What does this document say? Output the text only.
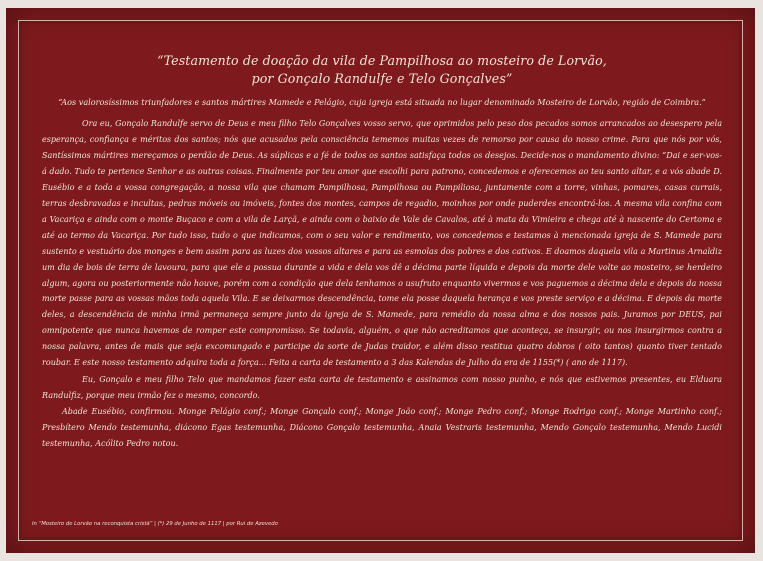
“Testamento de doação da vila de Pampilhosa ao mosteiro de Lorvão,

por Gonçalo Randulfe e Telo Gonçalves”

“Aos valorosíssimos triunfadores e santos mártires Mamede e Pelágio, cuja igreja está situada no lugar denominado Mosteiro de Lorvão, região de Coimbra.”

Ora eu, Gonçalo Randulfe servo de Deus e meu filho Telo Gonçalves vosso servo, que oprimidos pelo peso dos pecados somos arrancados ao desespero pela esperança, confiança e méritos dos santos; nós que acusados pela consciência tememos muitas vezes de remorso por causa do nosso crime. Para que nós por vós, Santíssimos mártires mereçamos o perdão de Deus. As súplicas e a fé de todos os santos satisfaça todos os desejos. Decide-nos o mandamento divino: “Dai e ser-vos-á dado. Tudo te pertence Senhor e as outras coisas. Finalmente por teu amor que escolhi para patrono, concedemos e oferecemos ao teu santo altar, e a vós abade D. Eusébio e a toda a vossa congregação, a nossa vila que chamam Pampilhosa, Pampilhosa ou Pampiliosa, juntamente com a torre, vinhas, pomares, casas currais, terras desbravadas e incultas, pedras móveis ou imóveis, fontes dos montes, campos de regadio, moinhos por onde puderdes encontrá-los. A mesma vila confina com a Vacariça e ainda com o monte Buçaco e com a vila de Larçã, e ainda com o baixio de Vale de Cavalos, até à mata da Vimieira e chega até à nascente do Certoma e até ao termo da Vacariça. Por tudo isso, tudo o que indicamos, com o seu valor e rendimento, vos concedemos e testamos à mencionada igreja de S. Mamede para sustento e vestuário dos monges e bem assim para as luzes dos vossos altares e para as esmolas dos pobres e dos cativos. E doamos daquela vila a Martinus Arnaldiz um dia de bois de terra de lavoura, para que ele a possua durante a vida e dela vos dê a décima parte líquida e depois da morte dele volte ao mosteiro, se herdeiro algum, agora ou posteriormente não houve, porém com a condição que dela tenhamos o usufruto enquanto vivermos e vos paguemos a décima dela e depois da nossa morte passe para as vossas mãos toda aquela Vila. E se deixarmos descendência, tome ela posse daquela herança e vos preste serviço e a décima. E depois da morte deles, a descendência de minha irmã permaneça sempre junto da igreja de S. Mamede, para remédio da nossa alma e dos nossos pais. Juramos por DEUS, pai omnipotente que nunca havemos de romper este compromisso. Se todavia, alguém, o que não acreditamos que aconteça, se insurgir, ou nos insurgirmos contra a nossa palavra, antes de mais que seja excomungado e participe da sorte de Judas traidor, e além disso restitua quatro dobros ( oito tantos) quanto tiver tentado roubar. E este nosso testamento adquira toda a força... Feita a carta de testamento a 3 das Kalendas de Julho da era de 1155(*) ( ano de 1117).

Eu, Gonçalo e meu filho Telo que mandamos fazer esta carta de testamento e assinamos com nosso punho, e nós que estivemos presentes, eu Elduara Randulfiz, porque meu irmão fez o mesmo, concordo.

Abade Eusébio, confirmou. Monge Pelágio conf.; Monge Gonçalo conf.; Monge João conf.; Monge Pedro conf.; Monge Rodrigo conf.; Monge Martinho conf.; Presbítero Mendo testemunha, diácono Egas testemunha, Diácono Gonçalo testemunha, Anaia Vestraris testemunha, Mendo Gonçalo testemunha, Mendo Lucidi testemunha, Acólito Pedro notou.

In “Mosteiro de Lorvão na reconquista cristã” | (*) 29 de Junho de 1117 | por Rui de Azevedo
